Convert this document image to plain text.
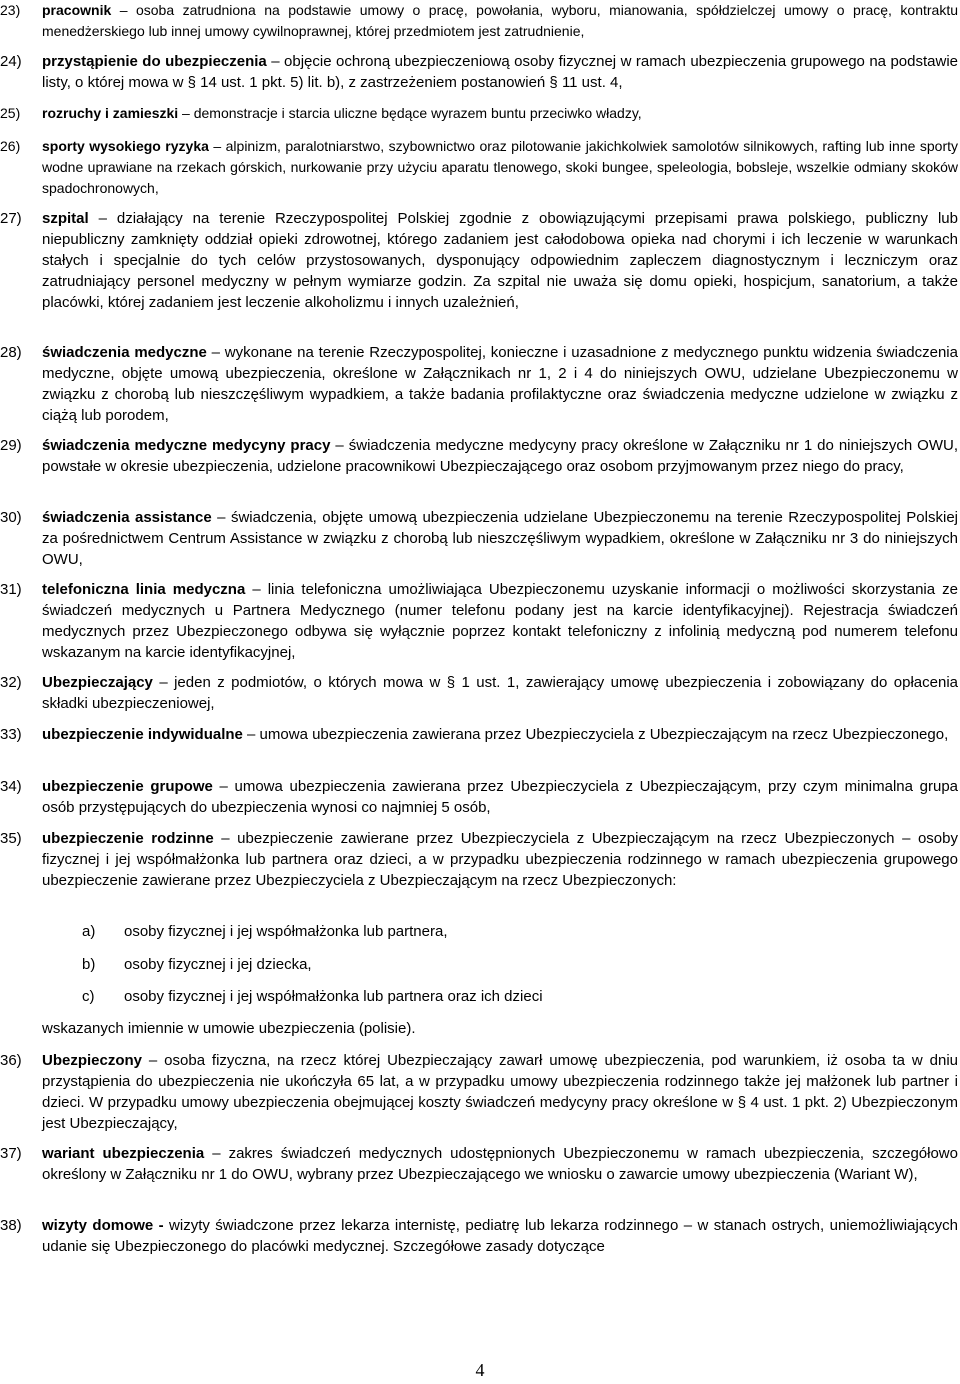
23) pracownik – osoba zatrudniona na podstawie umowy o pracę, powołania, wyboru, mianowania, spółdzielczej umowy o pracę, kontraktu menedżerskiego lub innej umowy cywilnoprawnej, której przedmiotem jest zatrudnienie,
24) przystąpienie do ubezpieczenia – objęcie ochroną ubezpieczeniową osoby fizycznej w ramach ubezpieczenia grupowego na podstawie listy, o której mowa w § 14 ust. 1 pkt. 5) lit. b), z zastrzeżeniem postanowień § 11 ust. 4,
25) rozruchy i zamieszki – demonstracje i starcia uliczne będące wyrazem buntu przeciwko władzy,
26) sporty wysokiego ryzyka – alpinizm, paralotniarstwo, szybownictwo oraz pilotowanie jakichkolwiek samolotów silnikowych, rafting lub inne sporty wodne uprawiane na rzekach górskich, nurkowanie przy użyciu aparatu tlenowego, skoki bungee, speleologia, bobsleje, wszelkie odmiany skoków spadochronowych,
27) szpital – działający na terenie Rzeczypospolitej Polskiej zgodnie z obowiązującymi przepisami prawa polskiego, publiczny lub niepubliczny zamknięty oddział opieki zdrowotnej, którego zadaniem jest całodobowa opieka nad chorymi i ich leczenie w warunkach stałych i specjalnie do tych celów przystosowanych, dysponujący odpowiednim zapleczem diagnostycznym i leczniczym oraz zatrudniający personel medyczny w pełnym wymiarze godzin. Za szpital nie uważa się domu opieki, hospicjum, sanatorium, a także placówki, której zadaniem jest leczenie alkoholizmu i innych uzależnień,
28) świadczenia medyczne – wykonane na terenie Rzeczypospolitej, konieczne i uzasadnione z medycznego punktu widzenia świadczenia medyczne, objęte umową ubezpieczenia, określone w Załącznikach nr 1, 2 i 4 do niniejszych OWU, udzielane Ubezpieczonemu w związku z chorobą lub nieszczęśliwym wypadkiem, a także badania profilaktyczne oraz świadczenia medyczne udzielone w związku z ciążą lub porodem,
29) świadczenia medyczne medycyny pracy – świadczenia medyczne medycyny pracy określone w Załączniku nr 1 do niniejszych OWU, powstałe w okresie ubezpieczenia, udzielone pracownikowi Ubezpieczającego oraz osobom przyjmowanym przez niego do pracy,
30) świadczenia assistance – świadczenia, objęte umową ubezpieczenia udzielane Ubezpieczonemu na terenie Rzeczypospolitej Polskiej za pośrednictwem Centrum Assistance w związku z chorobą lub nieszczęśliwym wypadkiem, określone w Załączniku nr 3 do niniejszych OWU,
31) telefoniczna linia medyczna – linia telefoniczna umożliwiająca Ubezpieczonemu uzyskanie informacji o możliwości skorzystania ze świadczeń medycznych u Partnera Medycznego (numer telefonu podany jest na karcie identyfikacyjnej). Rejestracja świadczeń medycznych przez Ubezpieczonego odbywa się wyłącznie poprzez kontakt telefoniczny z infolinią medyczną pod numerem telefonu wskazanym na karcie identyfikacyjnej,
32) Ubezpieczający – jeden z podmiotów, o których mowa w § 1 ust. 1, zawierający umowę ubezpieczenia i zobowiązany do opłacenia składki ubezpieczeniowej,
33) ubezpieczenie indywidualne – umowa ubezpieczenia zawierana przez Ubezpieczyciela z Ubezpieczającym na rzecz Ubezpieczonego,
34) ubezpieczenie grupowe – umowa ubezpieczenia zawierana przez Ubezpieczyciela z Ubezpieczającym, przy czym minimalna grupa osób przystępujących do ubezpieczenia wynosi co najmniej 5 osób,
35) ubezpieczenie rodzinne – ubezpieczenie zawierane przez Ubezpieczyciela z Ubezpieczającym na rzecz Ubezpieczonych – osoby fizycznej i jej współmałżonka lub partnera oraz dzieci, a w przypadku ubezpieczenia rodzinnego w ramach ubezpieczenia grupowego ubezpieczenie zawierane przez Ubezpieczyciela z Ubezpieczającym na rzecz Ubezpieczonych:
a) osoby fizycznej i jej współmałżonka lub partnera,
b) osoby fizycznej i jej dziecka,
c) osoby fizycznej i jej współmałżonka lub partnera oraz ich dzieci
wskazanych imiennie w umowie ubezpieczenia (polisie).
36) Ubezpieczony – osoba fizyczna, na rzecz której Ubezpieczający zawarł umowę ubezpieczenia, pod warunkiem, iż osoba ta w dniu przystąpienia do ubezpieczenia nie ukończyła 65 lat, a w przypadku umowy ubezpieczenia rodzinnego także jej małżonek lub partner i dzieci. W przypadku umowy ubezpieczenia obejmującej koszty świadczeń medycyny pracy określone w § 4 ust. 1 pkt. 2) Ubezpieczonym jest Ubezpieczający,
37) wariant ubezpieczenia – zakres świadczeń medycznych udostępnionych Ubezpieczonemu w ramach ubezpieczenia, szczegółowo określony w Załączniku nr 1 do OWU, wybrany przez Ubezpieczającego we wniosku o zawarcie umowy ubezpieczenia (Wariant W),
38) wizyty domowe - wizyty świadczone przez lekarza internistę, pediatrę lub lekarza rodzinnego – w stanach ostrych, uniemożliwiających udanie się Ubezpieczonego do placówki medycznej. Szczegółowe zasady dotyczące
4
